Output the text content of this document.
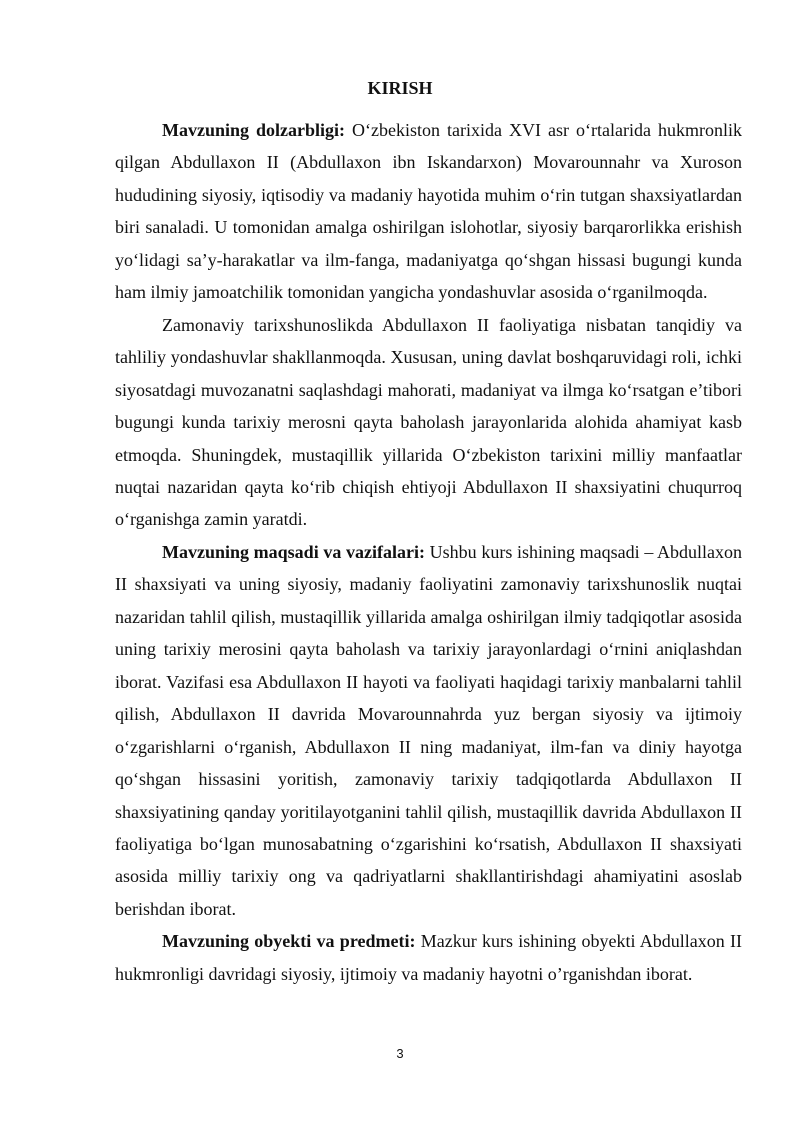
KIRISH

Mavzuning dolzarbligi: O‘zbekiston tarixida XVI asr o‘rtalarida hukmronlik qilgan Abdullaxon II (Abdullaxon ibn Iskandarxon) Movarounnahr va Xuroson hududining siyosiy, iqtisodiy va madaniy hayotida muhim o‘rin tutgan shaxsiyatlardan biri sanaladi. U tomonidan amalga oshirilgan islohotlar, siyosiy barqarorlikka erishish yo‘lidagi sa’y-harakatlar va ilm-fanga, madaniyatga qo‘shgan hissasi bugungi kunda ham ilmiy jamoatchilik tomonidan yangicha yondashuvlar asosida o‘rganilmoqda.

Zamonaviy tarixshunoslikda Abdullaxon II faoliyatiga nisbatan tanqidiy va tahliliy yondashuvlar shakllanmoqda. Xususan, uning davlat boshqaruvidagi roli, ichki siyosatdagi muvozanatni saqlashdagi mahorati, madaniyat va ilmga ko‘rsatgan e’tibori bugungi kunda tarixiy merosni qayta baholash jarayonlarida alohida ahamiyat kasb etmoqda. Shuningdek, mustaqillik yillarida O‘zbekiston tarixini milliy manfaatlar nuqtai nazaridan qayta ko‘rib chiqish ehtiyoji Abdullaxon II shaxsiyatini chuqurroq o‘rganishga zamin yaratdi.

Mavzuning maqsadi va vazifalari: Ushbu kurs ishining maqsadi – Abdullaxon II shaxsiyati va uning siyosiy, madaniy faoliyatini zamonaviy tarixshunoslik nuqtai nazaridan tahlil qilish, mustaqillik yillarida amalga oshirilgan ilmiy tadqiqotlar asosida uning tarixiy merosini qayta baholash va tarixiy jarayonlardagi o‘rnini aniqlashdan iborat. Vazifasi esa Abdullaxon II hayoti va faoliyati haqidagi tarixiy manbalarni tahlil qilish, Abdullaxon II davrida Movarounnahrda yuz bergan siyosiy va ijtimoiy o‘zgarishlarni o‘rganish, Abdullaxon II ning madaniyat, ilm-fan va diniy hayotga qo‘shgan hissasini yoritish, zamonaviy tarixiy tadqiqotlarda Abdullaxon II shaxsiyatining qanday yoritilayotganini tahlil qilish, mustaqillik davrida Abdullaxon II faoliyatiga bo‘lgan munosabatning o‘zgarishini ko‘rsatish, Abdullaxon II shaxsiyati asosida milliy tarixiy ong va qadriyatlarni shakllantirishdagi ahamiyatini asoslab berishdan iborat.

Mavzuning obyekti va predmeti: Mazkur kurs ishining obyekti Abdullaxon II hukmronligi davridagi siyosiy, ijtimoiy va madaniy hayotni o’rganishdan iborat.

3
